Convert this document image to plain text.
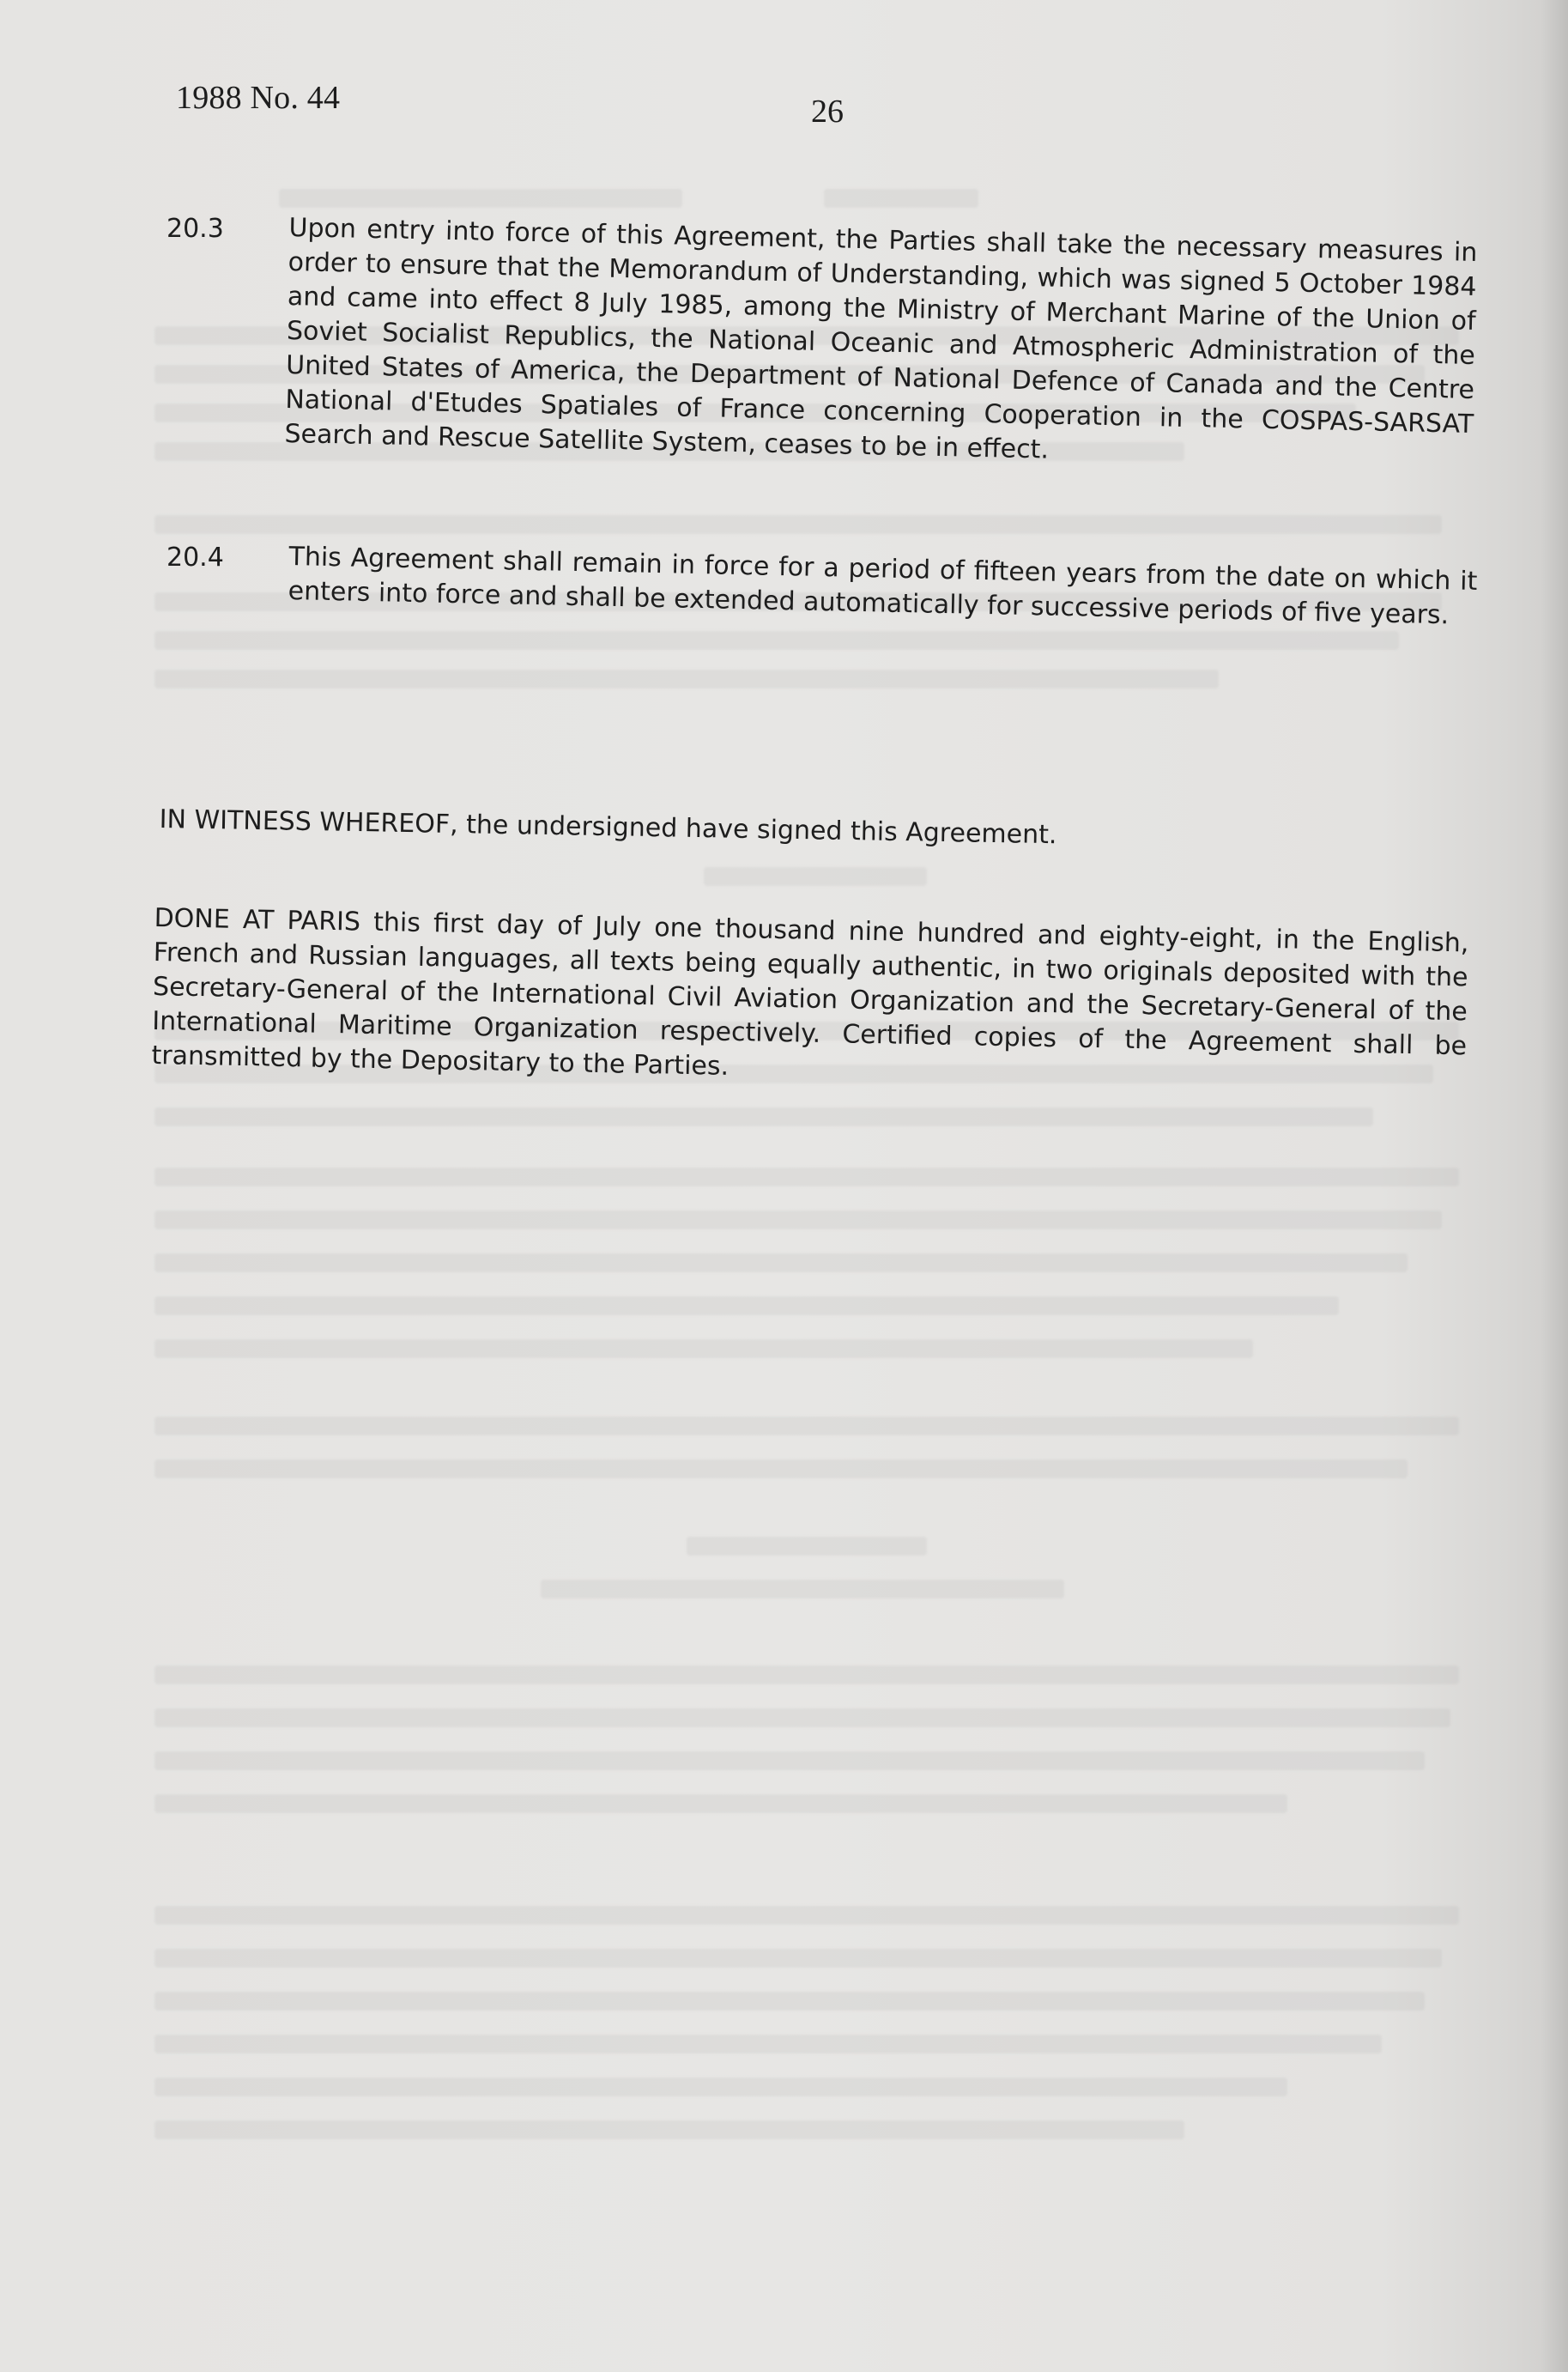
1988 No. 44	26
20.3	Upon entry into force of this Agreement, the Parties shall take the necessary measures in order to ensure that the Memorandum of Understanding, which was signed 5 October 1984 and came into effect 8 July 1985, among the Ministry of Merchant Marine of the Union of Soviet Socialist Republics, the National Oceanic and Atmospheric Administration of the United States of America, the Department of National Defence of Canada and the Centre National d'Etudes Spatiales of France concerning Cooperation in the COSPAS-SARSAT Search and Rescue Satellite System, ceases to be in effect.
20.4	This Agreement shall remain in force for a period of fifteen years from the date on which it enters into force and shall be extended automatically for successive periods of five years.
IN WITNESS WHEREOF, the undersigned have signed this Agreement.
DONE AT PARIS this first day of July one thousand nine hundred and eighty-eight, in the English, French and Russian languages, all texts being equally authentic, in two originals deposited with the Secretary-General of the International Civil Aviation Organization and the Secretary-General of the International Maritime Organization respectively. Certified copies of the Agreement shall be transmitted by the Depositary to the Parties.
